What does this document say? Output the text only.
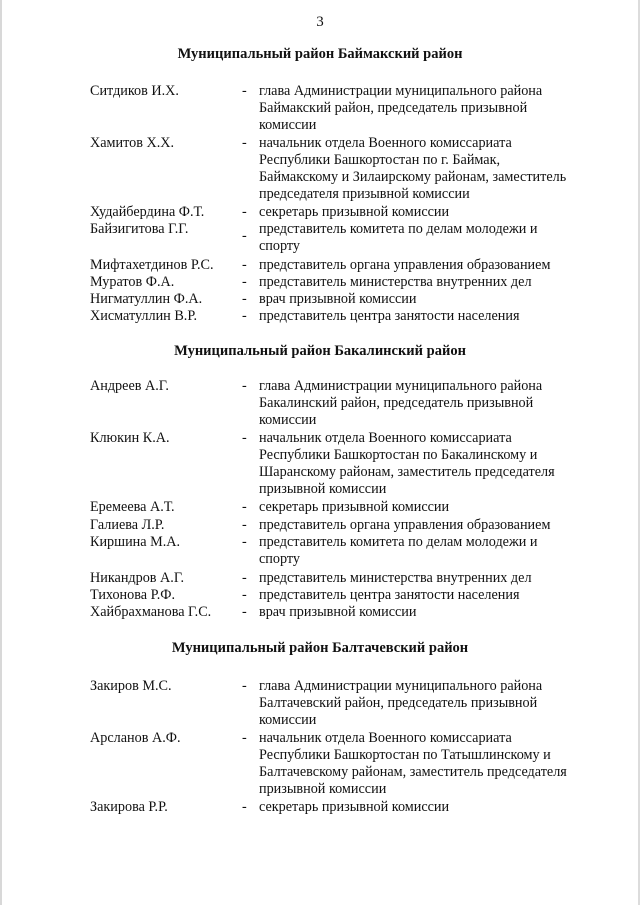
3
Муниципальный район Баймакский район
Ситдиков И.Х.	- глава Администрации муниципального района
Баймакский район, председатель призывной
комиссии
Хамитов Х.Х.	- начальник отдела Военного комиссариата
Республики Башкортостан по г. Баймак,
Баймакскому и Зилаирскому районам, заместитель
председателя призывной комиссии
Худайбердина Ф.Т.	- секретарь призывной комиссии
Байзигитова Г.Г.	- представитель комитета по делам молодежи и
спорту
Мифтахетдинов Р.С. - представитель органа управления образованием
Муратов Ф.А.	- представитель министерства внутренних дел
Нигматуллин Ф.А.	- врач призывной комиссии
Хисматуллин В.Р.	- представитель центра занятости населения
Муниципальный район Бакалинский район
Андреев А.Г.	- глава Администрации муниципального района
Бакалинский район, председатель призывной
комиссии
Клюкин К.А.	- начальник отдела Военного комиссариата
Республики Башкортостан по Бакалинскому и
Шаранскому районам, заместитель председателя
призывной комиссии
Еремеева А.Т.	- секретарь призывной комиссии
Галиева Л.Р.	- представитель органа управления образованием
Киршина М.А.	- представитель комитета по делам молодежи и
спорту
Никандров А.Г.	- представитель министерства внутренних дел
Тихонова Р.Ф.	- представитель центра занятости населения
Хайбрахманова Г.С. - врач призывной комиссии
Муниципальный район Балтачевский район
Закиров М.С.	- глава Администрации муниципального района
Балтачевский район, председатель призывной
комиссии
Арсланов А.Ф.	- начальник отдела Военного комиссариата
Республики Башкортостан по Татышлинскому и
Балтачевскому районам, заместитель председателя
призывной комиссии
Закирова Р.Р.	- секретарь призывной комиссии
